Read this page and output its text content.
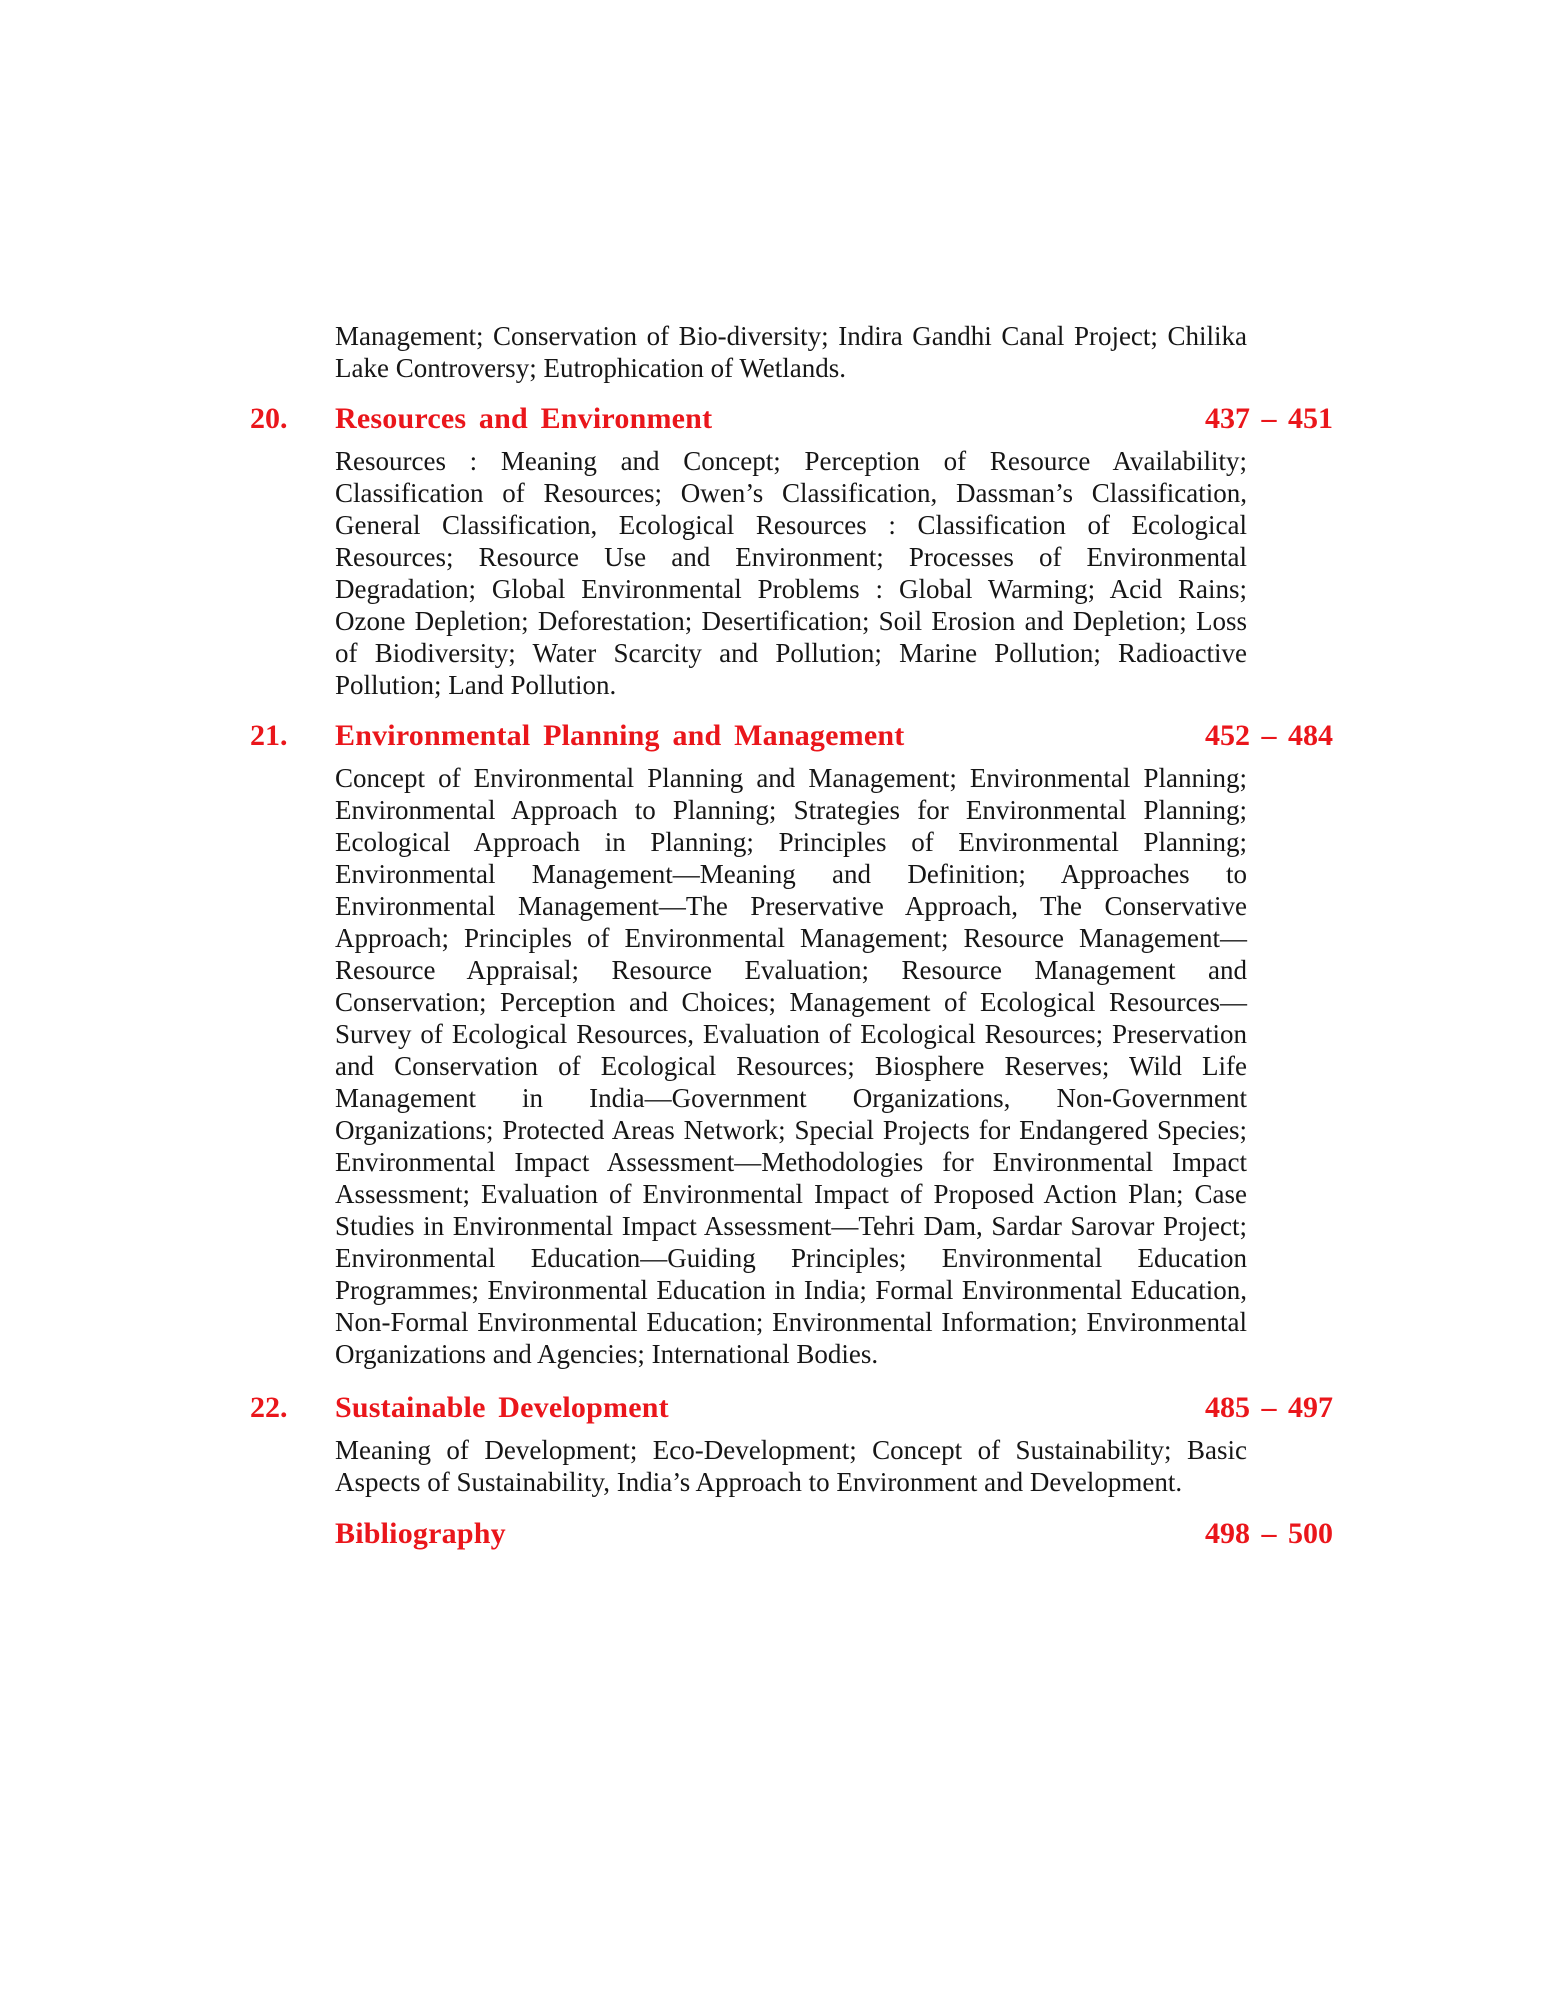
Management; Conservation of Bio-diversity; Indira Gandhi Canal Project; Chilika Lake Controversy; Eutrophication of Wetlands.

20.	Resources and Environment	437 – 451

Resources : Meaning and Concept; Perception of Resource Availability; Classification of Resources; Owen’s Classification, Dassman’s Classification, General Classification, Ecological Resources : Classification of Ecological Resources; Resource Use and Environment; Processes of Environmental Degradation; Global Environmental Problems : Global Warming; Acid Rains; Ozone Depletion; Deforestation; Desertification; Soil Erosion and Depletion; Loss of Biodiversity; Water Scarcity and Pollution; Marine Pollution; Radioactive Pollution; Land Pollution.

21.	Environmental Planning and Management	452 – 484

Concept of Environmental Planning and Management; Environmental Planning; Environmental Approach to Planning; Strategies for Environmental Planning; Ecological Approach in Planning; Principles of Environmental Planning; Environmental Management—Meaning and Definition; Approaches to Environmental Management—The Preservative Approach, The Conservative Approach; Principles of Environmental Management; Resource Management—Resource Appraisal; Resource Evaluation; Resource Management and Conservation; Perception and Choices; Management of Ecological Resources—Survey of Ecological Resources, Evaluation of Ecological Resources; Preservation and Conservation of Ecological Resources; Biosphere Reserves; Wild Life Management in India—Government Organizations, Non-Government Organizations; Protected Areas Network; Special Projects for Endangered Species; Environmental Impact Assessment—Methodologies for Environmental Impact Assessment; Evaluation of Environmental Impact of Proposed Action Plan; Case Studies in Environmental Impact Assessment—Tehri Dam, Sardar Sarovar Project; Environmental Education—Guiding Principles; Environmental Education Programmes; Environmental Education in India; Formal Environmental Education, Non-Formal Environmental Education; Environmental Information; Environmental Organizations and Agencies; International Bodies.

22.	Sustainable Development	485 – 497

Meaning of Development; Eco-Development; Concept of Sustainability; Basic Aspects of Sustainability, India’s Approach to Environment and Development.

Bibliography	498 – 500
